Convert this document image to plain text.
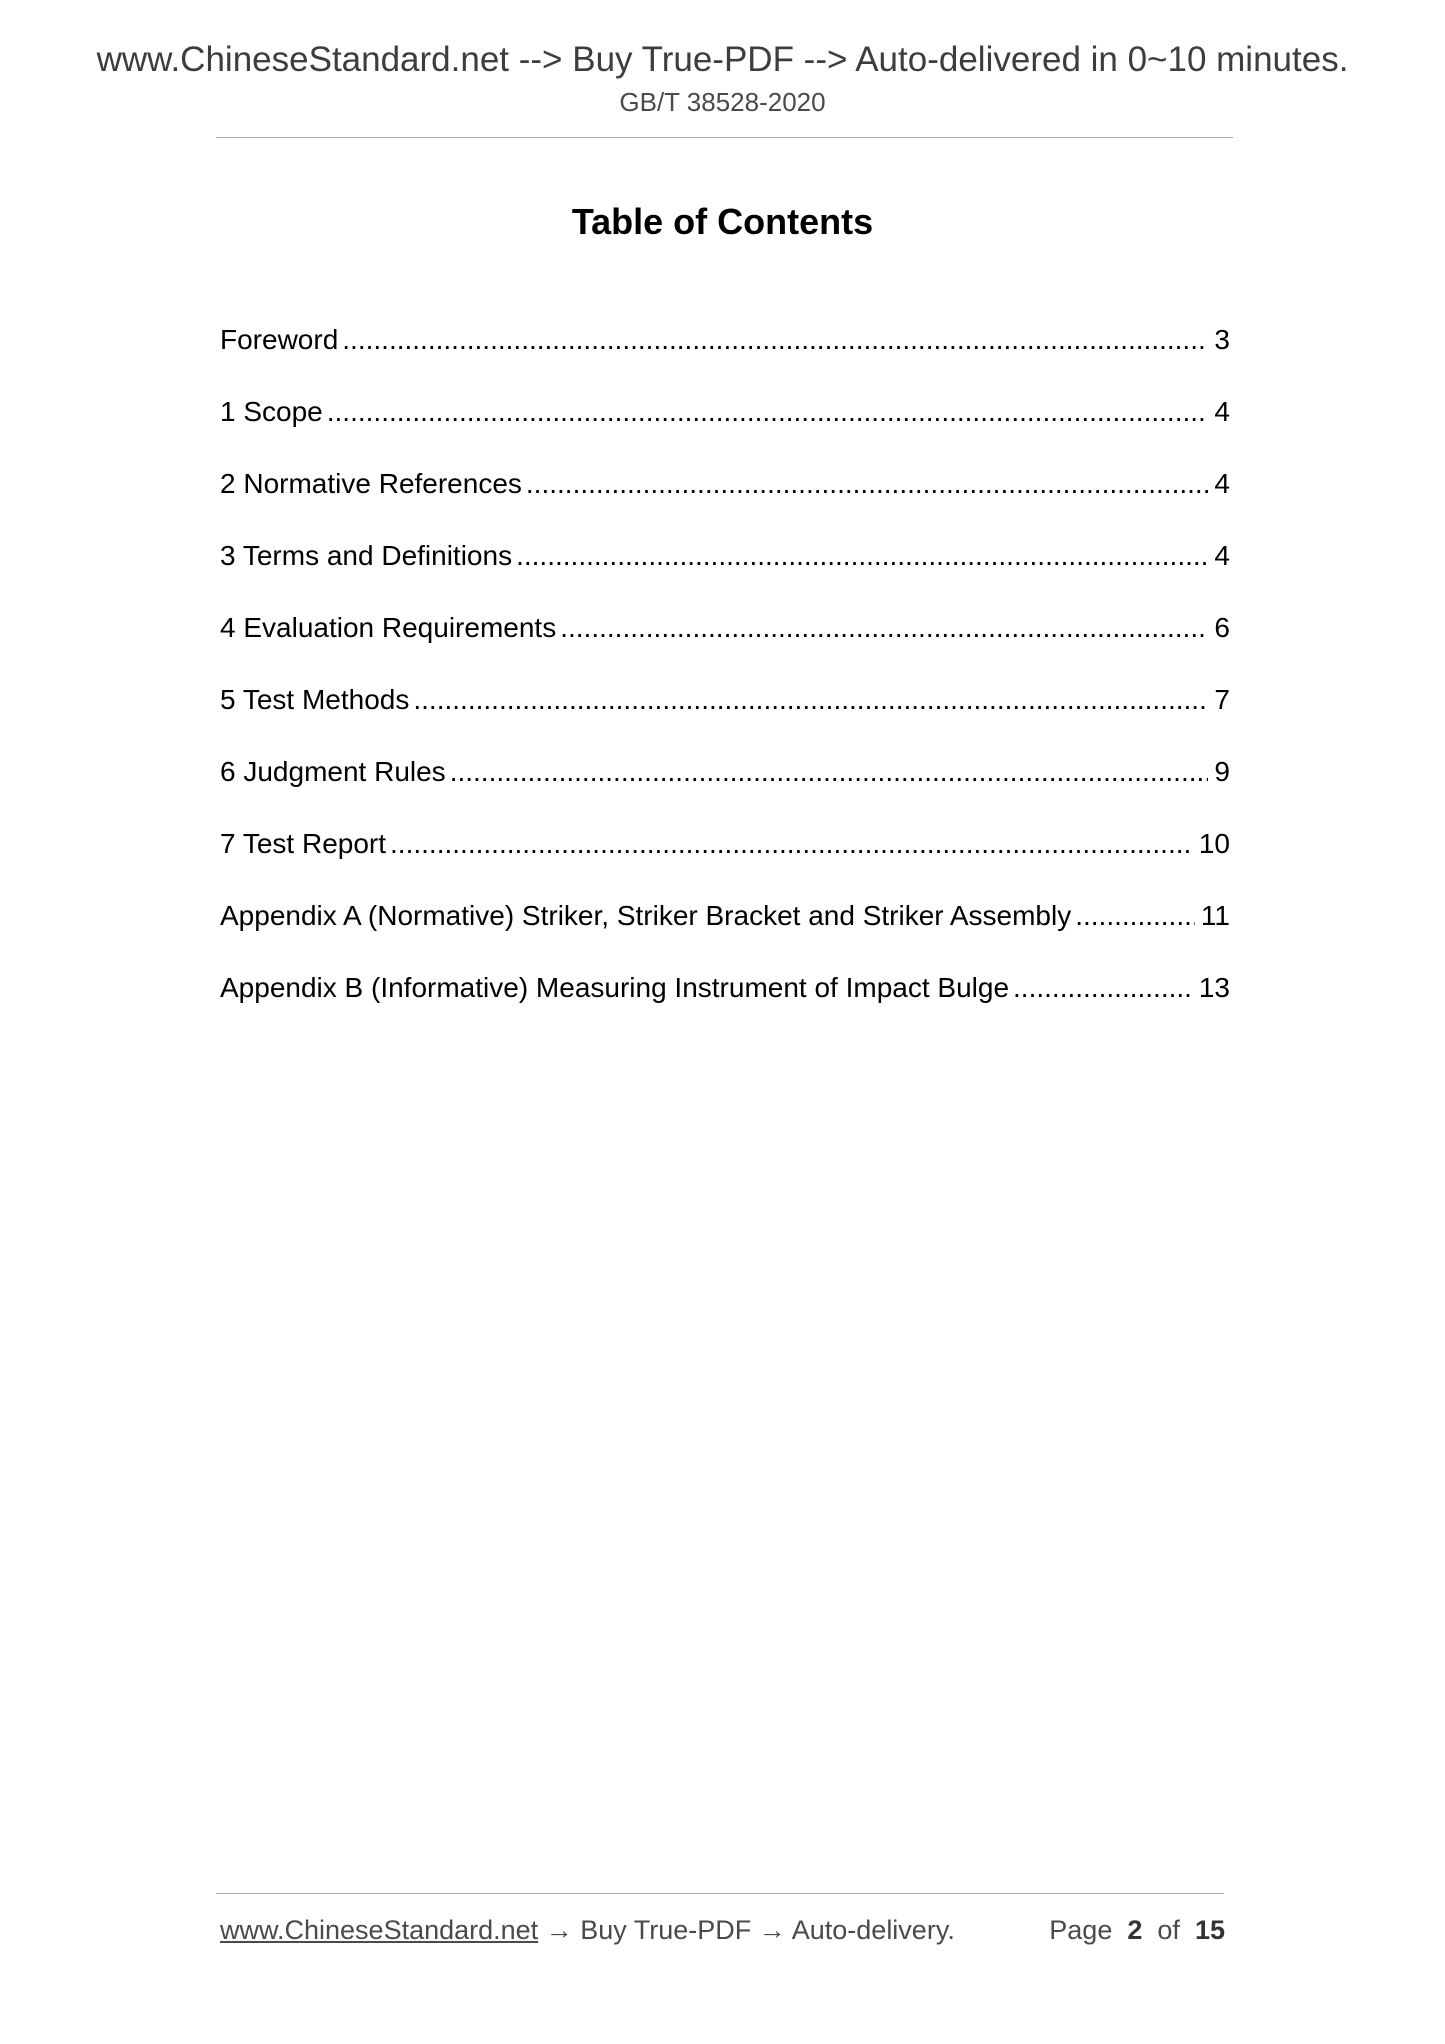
www.ChineseStandard.net --> Buy True-PDF --> Auto-delivered in 0~10 minutes.
GB/T 38528-2020
Table of Contents
Foreword .....	3
1 Scope .....	4
2 Normative References .....	4
3 Terms and Definitions .....	4
4 Evaluation Requirements .....	6
5 Test Methods .....	7
6 Judgment Rules .....	9
7 Test Report .....	10
Appendix A (Normative) Striker, Striker Bracket and Striker Assembly .....	11
Appendix B (Informative) Measuring Instrument of Impact Bulge .....	13
www.ChineseStandard.net → Buy True-PDF → Auto-delivery.	Page 2 of 15
